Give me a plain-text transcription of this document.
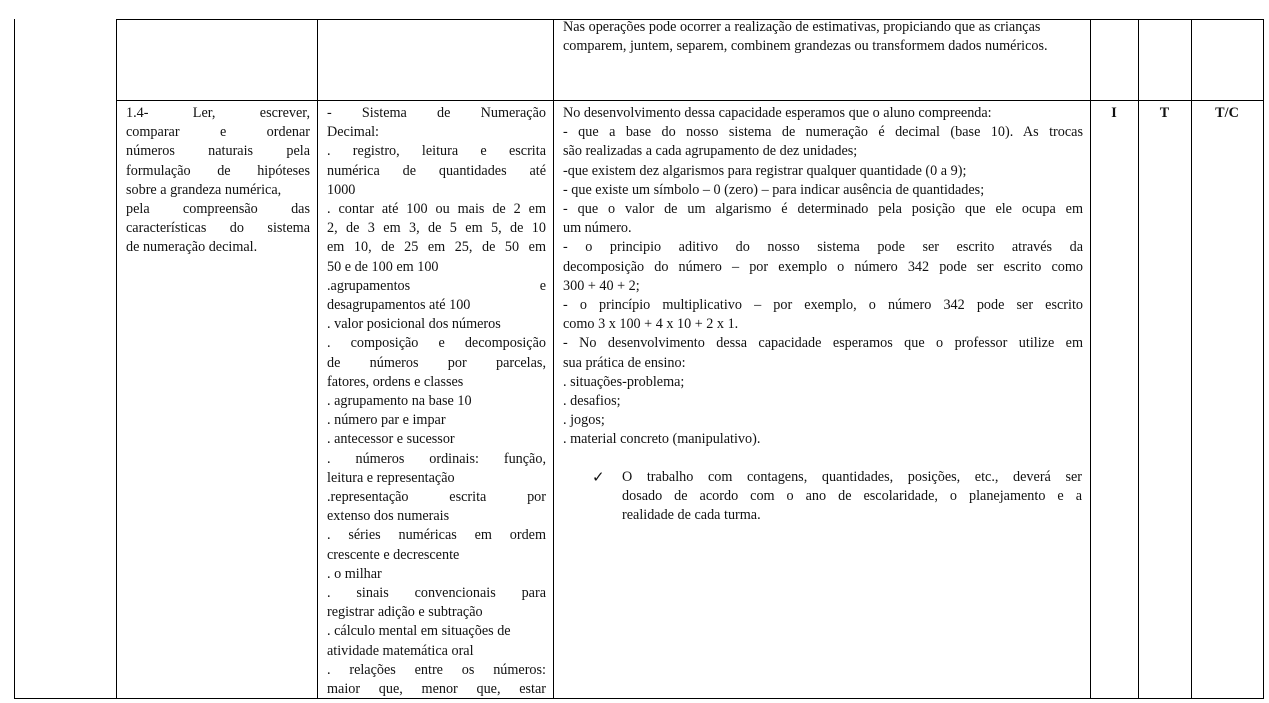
Nas operações pode ocorrer a realização de estimativas, propiciando que as crianças comparem, juntem, separem, combinem grandezas ou transformem dados numéricos.

1.4- Ler, escrever,

comparar e ordenar

números naturais pela

formulação de hipóteses

sobre a grandeza numérica,

pela compreensão das

características do sistema

de numeração decimal.

- Sistema de Numeração

Decimal:

. registro, leitura e escrita

numérica de quantidades até

1000

. contar até 100 ou mais de 2 em

2, de 3 em 3, de 5 em 5, de 10

em 10, de 25 em 25, de 50 em

50 e de 100 em 100

.agrupamentos e

desagrupamentos até 100

. valor posicional dos números

. composição e decomposição

de números por parcelas,

fatores, ordens e classes

. agrupamento na base 10

. número par e impar

. antecessor e sucessor

. números ordinais: função,

leitura e representação

.representação escrita por

extenso dos numerais

. séries numéricas em ordem

crescente e decrescente

. o milhar

. sinais convencionais para

registrar adição e subtração

. cálculo mental em situações de

atividade matemática oral

. relações entre os números:

maior que, menor que, estar

No desenvolvimento dessa capacidade esperamos que o aluno compreenda:

- que a base do nosso sistema de numeração é decimal (base 10). As trocas

são realizadas a cada agrupamento de dez unidades;

-que existem dez algarismos para registrar qualquer quantidade (0 a 9);

- que existe um símbolo – 0 (zero) – para indicar ausência de quantidades;

- que o valor de um algarismo é determinado pela posição que ele ocupa em

um número.

- o principio aditivo do nosso sistema pode ser escrito através da

decomposição do número – por exemplo o número 342 pode ser escrito como

300 + 40 + 2;

- o princípio multiplicativo – por exemplo, o número 342 pode ser escrito

como 3 x 100 + 4 x 10 + 2 x 1.

- No desenvolvimento dessa capacidade esperamos que o professor utilize em

sua prática de ensino:

. situações-problema;

. desafios;

. jogos;

. material concreto (manipulativo).

✓ O trabalho com contagens, quantidades, posições, etc., deverá ser

dosado de acordo com o ano de escolaridade, o planejamento e a

realidade de cada turma.

I	T	T/C
